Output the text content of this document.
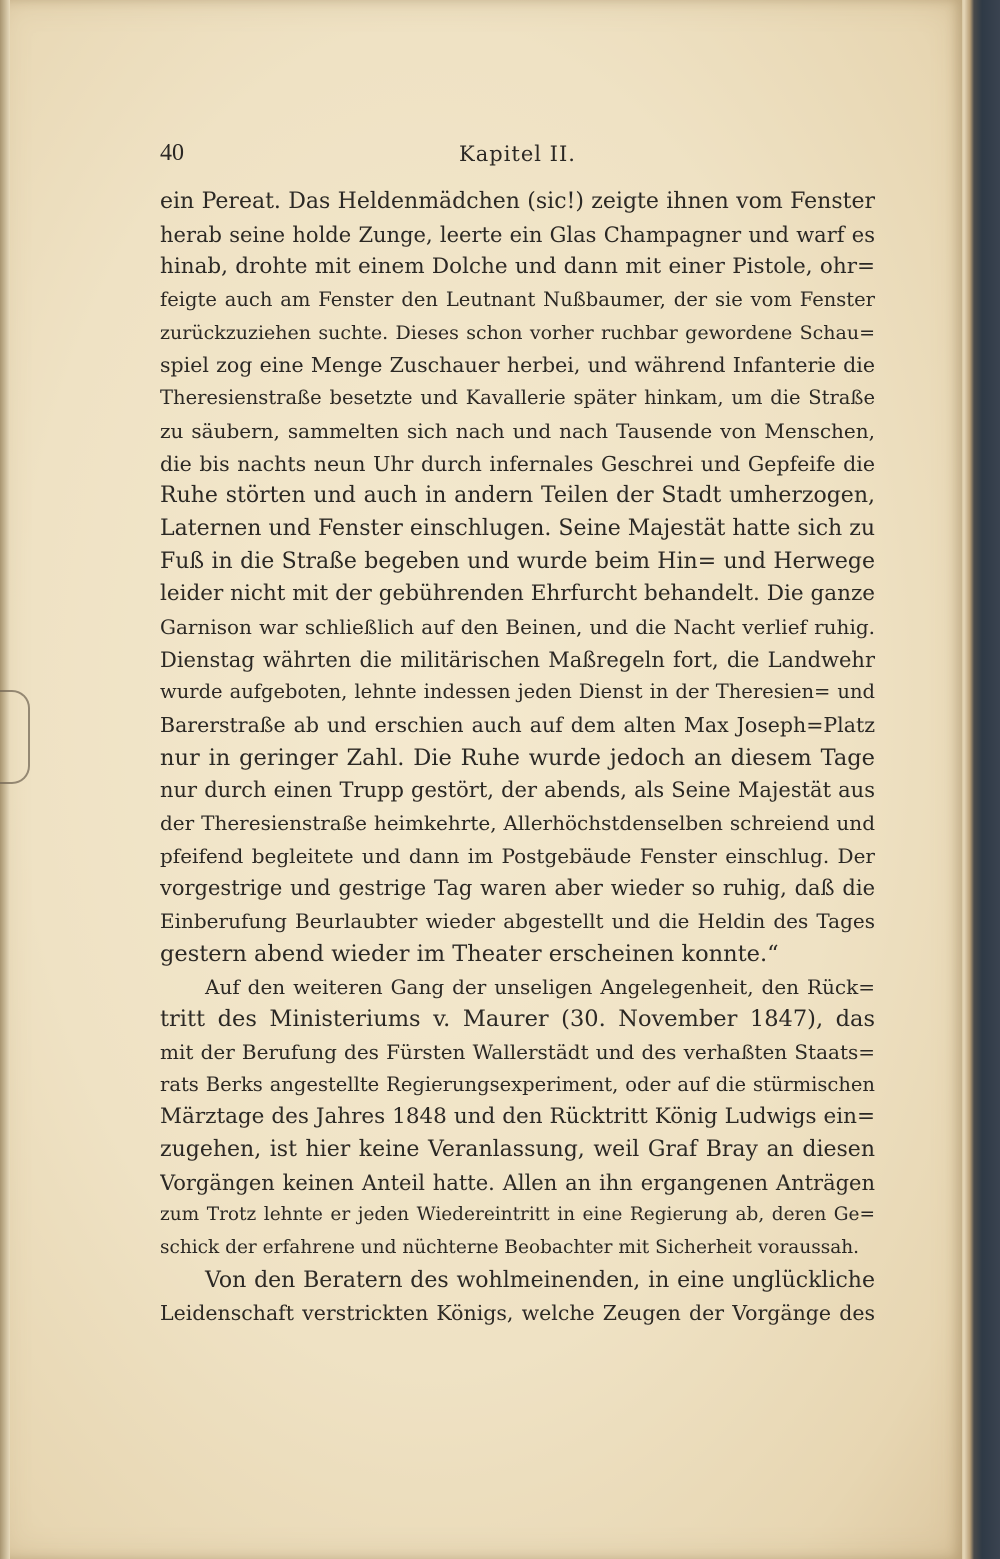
40	Kapitel II.
ein Pereat. Das Heldenmädchen (sic!) zeigte ihnen vom Fenster
herab seine holde Zunge, leerte ein Glas Champagner und warf es
hinab, drohte mit einem Dolche und dann mit einer Pistole, ohr=
feigte auch am Fenster den Leutnant Nußbaumer, der sie vom Fenster
zurückzuziehen suchte. Dieses schon vorher ruchbar gewordene Schau=
spiel zog eine Menge Zuschauer herbei, und während Infanterie die
Theresienstraße besetzte und Kavallerie später hinkam, um die Straße
zu säubern, sammelten sich nach und nach Tausende von Menschen,
die bis nachts neun Uhr durch infernales Geschrei und Gepfeife die
Ruhe störten und auch in andern Teilen der Stadt umherzogen,
Laternen und Fenster einschlugen. Seine Majestät hatte sich zu
Fuß in die Straße begeben und wurde beim Hin= und Herwege
leider nicht mit der gebührenden Ehrfurcht behandelt. Die ganze
Garnison war schließlich auf den Beinen, und die Nacht verlief ruhig.
Dienstag währten die militärischen Maßregeln fort, die Landwehr
wurde aufgeboten, lehnte indessen jeden Dienst in der Theresien= und
Barerstraße ab und erschien auch auf dem alten Max Joseph=Platz
nur in geringer Zahl. Die Ruhe wurde jedoch an diesem Tage
nur durch einen Trupp gestört, der abends, als Seine Majestät aus
der Theresienstraße heimkehrte, Allerhöchstdenselben schreiend und
pfeifend begleitete und dann im Postgebäude Fenster einschlug. Der
vorgestrige und gestrige Tag waren aber wieder so ruhig, daß die
Einberufung Beurlaubter wieder abgestellt und die Heldin des Tages
gestern abend wieder im Theater erscheinen konnte.“
Auf den weiteren Gang der unseligen Angelegenheit, den Rück=
tritt des Ministeriums v. Maurer (30. November 1847), das
mit der Berufung des Fürsten Wallerstädt und des verhaßten Staats=
rats Berks angestellte Regierungsexperiment, oder auf die stürmischen
Märztage des Jahres 1848 und den Rücktritt König Ludwigs ein=
zugehen, ist hier keine Veranlassung, weil Graf Bray an diesen
Vorgängen keinen Anteil hatte. Allen an ihn ergangenen Anträgen
zum Trotz lehnte er jeden Wiedereintritt in eine Regierung ab, deren Ge=
schick der erfahrene und nüchterne Beobachter mit Sicherheit voraussah.
Von den Beratern des wohlmeinenden, in eine unglückliche
Leidenschaft verstrickten Königs, welche Zeugen der Vorgänge des
